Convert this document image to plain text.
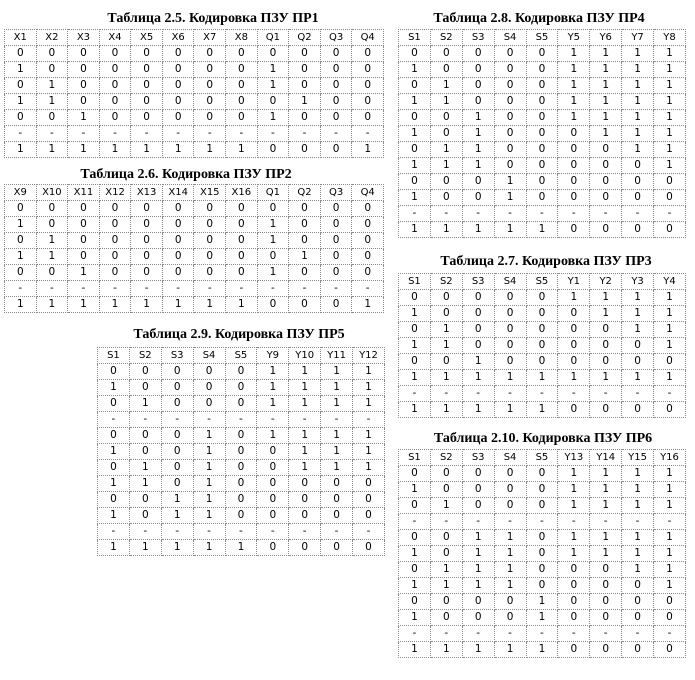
Таблица 2.5. Кодировка ПЗУ ПР1
X1	X2	X3	X4	X5	X6	X7	X8	Q1	Q2	Q3	Q4
0	0	0	0	0	0	0	0	0	0	0	0
1	0	0	0	0	0	0	0	1	0	0	0
0	1	0	0	0	0	0	0	1	0	0	0
1	1	0	0	0	0	0	0	0	1	0	0
0	0	1	0	0	0	0	0	1	0	0	0
-	-	-	-	-	-	-	-	-	-	-	-
1	1	1	1	1	1	1	1	0	0	0	1
Таблица 2.6. Кодировка ПЗУ ПР2
X9	X10	X11	X12	X13	X14	X15	X16	Q1	Q2	Q3	Q4
0	0	0	0	0	0	0	0	0	0	0	0
1	0	0	0	0	0	0	0	1	0	0	0
0	1	0	0	0	0	0	0	1	0	0	0
1	1	0	0	0	0	0	0	0	1	0	0
0	0	1	0	0	0	0	0	1	0	0	0
-	-	-	-	-	-	-	-	-	-	-	-
1	1	1	1	1	1	1	1	0	0	0	1
Таблица 2.9. Кодировка ПЗУ ПР5
S1	S2	S3	S4	S5	Y9	Y10	Y11	Y12
0	0	0	0	0	1	1	1	1
1	0	0	0	0	1	1	1	1
0	1	0	0	0	1	1	1	1
-	-	-	-	-	-	-	-	-
0	0	0	1	0	1	1	1	1
1	0	0	1	0	0	1	1	1
0	1	0	1	0	0	1	1	1
1	1	0	1	0	0	0	0	0
0	0	1	1	0	0	0	0	0
1	0	1	1	0	0	0	0	0
-	-	-	-	-	-	-	-	-
1	1	1	1	1	0	0	0	0
Таблица 2.8. Кодировка ПЗУ ПР4
S1	S2	S3	S4	S5	Y5	Y6	Y7	Y8
0	0	0	0	0	1	1	1	1
1	0	0	0	0	1	1	1	1
0	1	0	0	0	1	1	1	1
1	1	0	0	0	1	1	1	1
0	0	1	0	0	1	1	1	1
1	0	1	0	0	0	1	1	1
0	1	1	0	0	0	0	1	1
1	1	1	0	0	0	0	0	1
0	0	0	1	0	0	0	0	0
1	0	0	1	0	0	0	0	0
-	-	-	-	-	-	-	-	-
1	1	1	1	1	0	0	0	0
Таблица 2.7. Кодировка ПЗУ ПР3
S1	S2	S3	S4	S5	Y1	Y2	Y3	Y4
0	0	0	0	0	1	1	1	1
1	0	0	0	0	0	1	1	1
0	1	0	0	0	0	0	1	1
1	1	0	0	0	0	0	0	1
0	0	1	0	0	0	0	0	0
1	1	1	1	1	1	1	1	1
-	-	-	-	-	-	-	-	-
1	1	1	1	1	0	0	0	0
Таблица 2.10. Кодировка ПЗУ ПР6
S1	S2	S3	S4	S5	Y13	Y14	Y15	Y16
0	0	0	0	0	1	1	1	1
1	0	0	0	0	1	1	1	1
0	1	0	0	0	1	1	1	1
-	-	-	-	-	-	-	-	-
0	0	1	1	0	1	1	1	1
1	0	1	1	0	1	1	1	1
0	1	1	1	0	0	0	1	1
1	1	1	1	0	0	0	0	1
0	0	0	0	1	0	0	0	0
1	0	0	0	1	0	0	0	0
-	-	-	-	-	-	-	-	-
1	1	1	1	1	0	0	0	0
